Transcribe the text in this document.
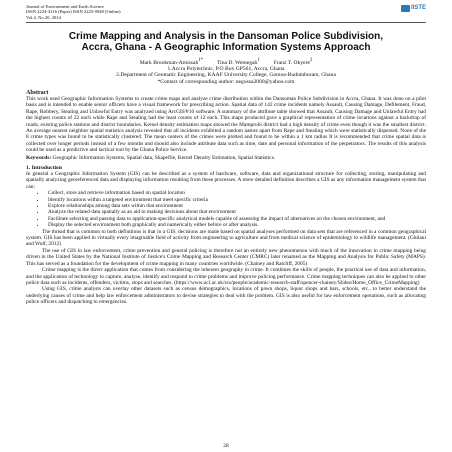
Journal of Environment and Earth Science
ISSN 2224-3216 (Paper) ISSN 2225-0948 (Online)
Vol.4, No.20, 2014
IISTE
Crime Mapping and Analysis in the Dansoman Police Subdivision,
Accra, Ghana - A Geographic Information Systems Approach
Mark Brookman-Amissah$^{1*}$	Tina D. Wemegah$^1$	Franz T. Okyere$^2$
1.Accra Polytechnic, P.O Box GP561, Accra, Ghana
2.Department of Geomatic Engineering, KAAF University College, Gomoa-Budumburam, Ghana
*Contact of corresponding author: negussa2000@yahoo.com
Abstract

This work used Geographic Information Systems to create crime maps and analyze crime distribution within the Dansoman Police Subdivision in Accra, Ghana. It was done on a pilot basis and is intended to enable senior officers have a visual framework for prescribing action. Spatial data of 142 crime incidents namely Assault, Causing Damage, Defilement, Fraud, Rape, Robbery, Stealing and Unlawful Entry was analyzed using ArcGIS®10 software. A summary of the attribute table showed that Assault, Causing Damage and Unlawful Entry had the highest counts of 22 each while Rape and Stealing had the least counts of 12 each. This maps produced gave a graphical representation of crime locations against a backdrop of roads, existing police stations and district boundaries. Kernel density estimation maps showed the Mamprobi district had a high density of crime even though it was the smallest district. An average nearest neighbor spatial statistics analysis revealed that all incidents exhibited a random nature apart from Rape and Stealing which were statistically dispersed. None of the 8 crime types was found to be statistically clustered. The mean centers of the crimes were plotted and found to be within a 1 km radius It is recommended that crime spatial data is collected over longer periods instead of a few months and should also include attribute data such as time, date and personal information of the perpetrators. The results of this analysis could be used as a predictive and tactical tool by the Ghana Police Service.

Keywords: Geographic Information Systems, Spatial data, Shapefile, Kernel Density Estimation, Spatial Statistics.
1. Introduction

In general a Geographic Information System (GIS) can be described as a system of hardware, software, data and organizational structure for collecting, storing, manipulating and spatially analyzing georeferenced data and displaying information resulting from these processes. A more detailed definition describes a GIS as any information management system that can:

• Collect, store and retrieve information based on spatial location
• Identify locations within a targeted environment that meet specific criteria
• Explore relationships among data sets within that environment
• Analyze the related data spatially as an aid to making decisions about that environment
• Facilitate selecting and passing data to application-specific analytical models capable of assessing the impact of alternatives on the chosen environment, and
• Display the selected environment both graphically and numerically either before or after analysis.

The thread that is common to both definitions is that in a GIS, decisions are made based on spatial analyses performed on data sets that are referenced in a common geographical system. GIS has been applied in virtually every imaginable field of activity from engineering to agriculture and from medical science of epidemiology to wildlife management. (Ghilani and Wolf, 2012)

The use of GIS in law enforcement, crime prevention and general policing is therefore not an entirely new phenomenon with much of the innovation in crime mapping being driven in the United States by the National Institute of Justice's Crime Mapping and Research Center (CMRC) later renamed as the Mapping and Analysis for Public Safety (MAPS). This has served as a foundation for the development of crime mapping in many countries worldwide. (Chainey and Ratcliff, 2005)

Crime mapping is the direct application that comes from considering the inherent geography in crime. It combines the skills of people, the practical use of data and information, and the application of technology to capture, analyse, identify and respond to crime problems and improve policing performance. Crime mapping techniques can also be applied to other police data such as incidents, offenders, victims, stops and searches. (https://www.ucl.ac.uk/scs/people/academic-research-staff/spencer-chainey/Slides/Home_Office_CrimeMapping)

Using GIS, crime analysts can overlay other datasets such as census demographics, locations of pawn shops, liquor shops and bars, schools, etc., to better understand the underlying causes of crime and help law enforcement administrators to devise strategies to deal with the problem. GIS is also useful for law enforcement operations, such as allocating police officers and dispatching to emergencies.

28
